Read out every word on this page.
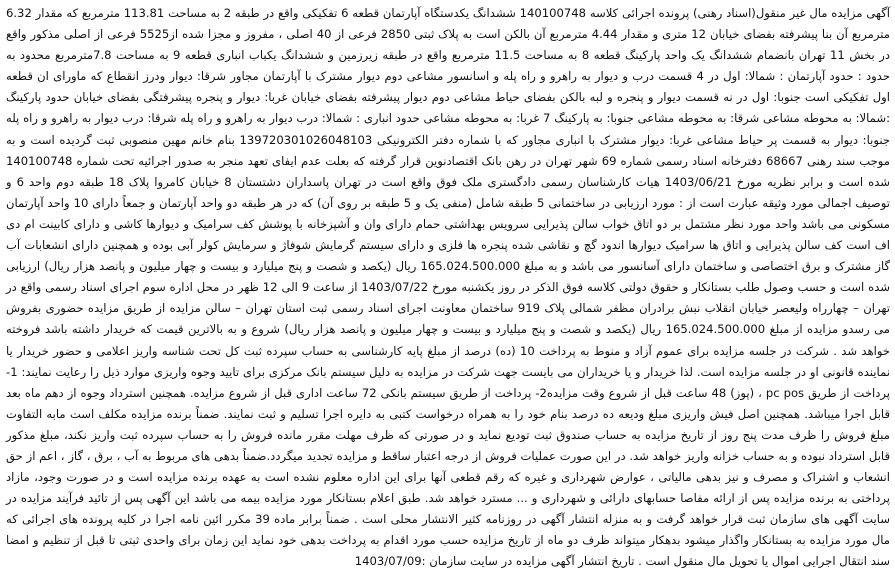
آگهی مزایده مال غیر منقول(اسناد رهنی) پرونده اجرائی کلاسه 140100748 ششدانگ یکدستگاه آپارتمان قطعه 6 تفکیکی واقع در طبقه 2 به مساحت 113.81 مترمربع که مقدار 6.32 مترمربع آن بنا پیشرفته بفضای خیابان 12 متری و مقدار 4.44 مترمربع آن بالکن است به پلاک ثبتی 2850 فرعی از 40 اصلی ، مفروز و مجزا شده از5525 فرعی از اصلی مذکور واقع در بخش 11 تهران بانضمام ششدانگ یک واحد پارکینگ قطعه 8 به مساحت 11.5 مترمربع واقع در طبقه زیرزمین و ششدانگ یکباب انباری قطعه 9 به مساحت 7.8مترمربع محدود به حدود : حدود آپارتمان : شمالا: اول در 4 قسمت درب و دیوار به راهرو و راه پله و اسانسور مشاعی دوم دیوار مشترک با آپارتمان مجاور شرقا: دیوار ودرز انقطاع که ماورای ان قطعه اول تفکیکی است جنوبا: اول در نه قسمت دیوار و پنجره و لبه بالکن بفضای حیاط مشاعی دوم دیوار پیشرفته بفضای خیابان غربا: دیوار و پنجره پیشرفتگی بفضای خیابان حدود پارکینگ :شمالا: به محوطه مشاعی شرقا: به محوطه مشاعی جنوبا: به پارکینگ 7 غربا: به محوطه مشاعی حدود انباری : شمالا: درب دیوار به راهرو و راه پله شرقا: درب دیوار به راهرو و راه پله جنوبا: دیوار به قسمت پر حیاط مشاعی غربا: دیوار مشترک با انباری مجاور که با شماره دفتر الکترونیکی 139720301026048103 بنام خانم مهین منصوبی ثبت گردیده است و به موجب سند رهنی 68667 دفترخانه اسناد رسمی شماره 69 شهر تهران در رهن بانک اقتصادنوین قرار گرفته که بعلت عدم ایفای تعهد منجر به صدور اجرائیه تحت شماره 140100748 شده است و برابر نظریه مورخ 1403/06/21 هیات کارشناسان رسمی دادگستری ملک فوق واقع است در تهران پاسداران دشتستان 8 خیابان کامروا پلاک 18 طبقه دوم واحد 6 و توصیف اجمالی مورد وثیقه عبارت است از : مورد ارزیابی در ساختمانی 5 طبقه شامل (منفی یک و 5 طبقه بر روی آن) که در هر طبقه دو واحد آپارتمان و جمعاً دارای 10 واحد آپارتمان مسکونی می باشد واحد مورد نظر مشتمل بر دو اتاق خواب سالن پذیرایی سرویس بهداشتی حمام دارای وان و آشپزخانه با پوشش کف سرامیک و دیوارها کاشی و دارای کابینت ام دی اف است کف سالن پذیرایی و اتاق ها سرامیک دیوارها اندود گچ و نقاشی شده پنجره ها فلزی و دارای سیستم گرمایش شوفاژ و سرمایش کولر آبی بوده و همچنین دارای انشعابات آب گاز مشترک و برق اختصاصی و ساختمان دارای آسانسور می باشد و به مبلغ 165.024.500.000 ریال (یکصد و شصت و پنج میلیارد و بیست و چهار میلیون و پانصد هزار ریال) ارزیابی شده است و حسب وصول طلب بستانکار و حقوق دولتی کلاسه فوق الذکر در روز یکشنبه مورخ 1403/07/22 از ساعت 9 الی 12 ظهر در محل اداره سوم اجرای اسناد رسمی واقع در تهران – چهارراه ولیعصر خیابان انقلاب نبش برادران مظفر شمالی پلاک 919 ساختمان معاونت اجرای اسناد رسمی ثبت استان تهران – سالن مزایده از طریق مزایده حضوری بفروش می رسدو مزایده از مبلغ 165.024.500.000 ریال (یکصد و شصت و پنج میلیارد و بیست و چهار میلیون و پانصد هزار ریال) شروع و به بالاترین قیمت که خریدار داشته باشد فروخته خواهد شد . شرکت در جلسه مزایده برای عموم آزاد و منوط به پرداخت 10 (ده) درصد از مبلغ پایه کارشناسی به حساب سپرده ثبت کل تحت شناسه واریز اعلامی و حضور خریدار یا نماینده قانونی او در جلسه مزایده است. لذا خریدار و یا خریداران می بایست جهت شرکت در مزایده به دلیل سیستم بانک مرکزی برای تایید وجوه واریزی موارد ذیل را رعایت نمایند: 1- پرداخت از طریق pc pos ، (پوز) 48 ساعت قبل از شروع وقت مزایده2- پرداخت از طریق سیستم بانکی 72 ساعت اداری قبل از شروع مزایده. همچنین استرداد وجوه از دهم ماه بعد قابل اجرا میباشد. همچنین اصل فیش واریزی مبلغ ودیعه ده درصد بنام خود را به همراه درخواست کتبی به دایره اجرا تسلیم و ثبت نمایند. ضمناً برنده مزایده مکلف است مابه التفاوت مبلغ فروش را ظرف مدت پنج روز از تاریخ مزایده به حساب صندوق ثبت تودیع نماید و در صورتی که ظرف مهلت مقرر مانده فروش را به حساب سپرده ثبت واریز نکند، مبلغ مذکور قابل استرداد نبوده و به حساب خزانه واریز خواهد شد. در این صورت عملیات فروش از درجه اعتبار ساقط و مزایده تجدید میگردد.ضمناً بدهی های مربوط به آب ، برق ، گاز ، اعم از حق انشعاب و اشتراک و مصرف و نیز بدهی مالیاتی ، عوارض شهرداری و غیره که رقم قطعی آنها برای این اداره معلوم نشده است به عهده برنده مزایده است و در صورت وجود، مازاد پرداختی به برنده مزایده پس از ارائه مفاصا حسابهای دارائی و شهرداری و ... مسترد خواهد شد. طبق اعلام بستانکار مورد مزایده بیمه می باشد این آگهی پس از تائید فرآیند مزایده در سایت آگهی های سازمان ثبت قرار خواهد گرفت و به منزله انتشار آگهی در روزنامه کثیر الانتشار محلی است . ضمناً برابر ماده 39 مکرر ائین نامه اجرا در کلیه پرونده های اجرائی که مال مورد مزایده به بستانکار واگذار میشود بدهکار میتواند ظرف دو ماه از تاریخ مزایده حسب مورد اقدام به پرداخت بدهی خود نماید این زمان برای واحدی ثبتی تا قبل از تنظیم و امضا سند انتقال اجرایی اموال یا تحویل مال منقول است . تاریخ انتشار آگهی مزایده در سایت سازمان :1403/07/09
